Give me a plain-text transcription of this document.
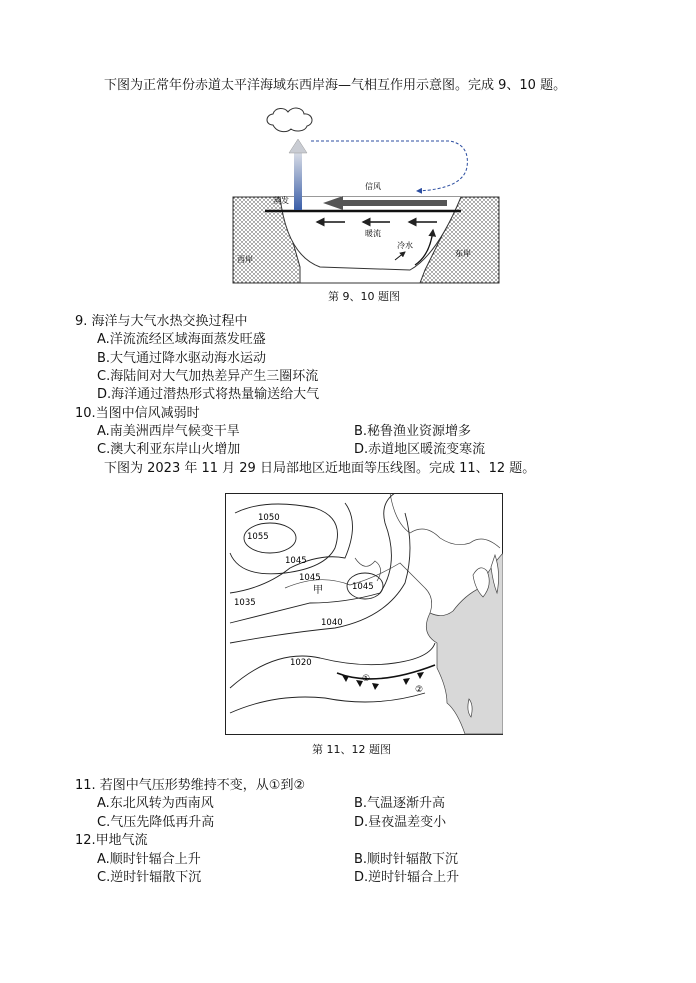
下图为正常年份赤道太平洋海域东西岸海—气相互作用示意图。完成 9、10 题。
蒸发
信风
暖流
冷水
西岸
东岸
第 9、10 题图
9. 海洋与大气水热交换过程中
A.洋流流经区域海面蒸发旺盛
B.大气通过降水驱动海水运动
C.海陆间对大气加热差异产生三圈环流
D.海洋通过潜热形式将热量输送给大气
10.当图中信风减弱时
A.南美洲西岸气候变干旱	B.秘鲁渔业资源增多
C.澳大利亚东岸山火增加	D.赤道地区暖流变寒流
下图为 2023 年 11 月 29 日局部地区近地面等压线图。完成 11、12 题。
1050
1055
1045
1045
1045
1035
1040
1020
甲
①
②
第 11、12 题图
11. 若图中气压形势维持不变，从①到②
A.东北风转为西南风	B.气温逐渐升高
C.气压先降低再升高	D.昼夜温差变小
12.甲地气流
A.顺时针辐合上升	B.顺时针辐散下沉
C.逆时针辐散下沉	D.逆时针辐合上升
